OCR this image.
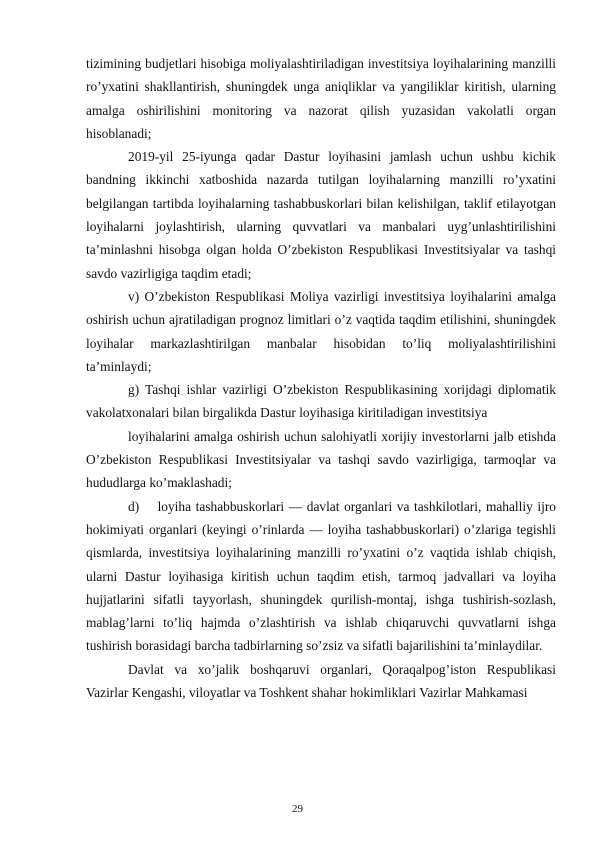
tizimining budjetlari hisobiga moliyalashtiriladigan investitsiya loyihalarining manzilli ro’yxatini shakllantirish, shuningdek unga aniqliklar va yangiliklar kiritish, ularning amalga oshirilishini monitoring va nazorat qilish yuzasidan vakolatli organ hisoblanadi;

2019-yil 25-iyunga qadar Dastur loyihasini jamlash uchun ushbu kichik bandning ikkinchi xatboshida nazarda tutilgan loyihalarning manzilli ro’yxatini belgilangan tartibda loyihalarning tashabbuskorlari bilan kelishilgan, taklif etilayotgan loyihalarni joylashtirish, ularning quvvatlari va manbalari uyg’unlashtirilishini ta’minlashni hisobga olgan holda O’zbekiston Respublikasi Investitsiyalar va tashqi savdo vazirligiga taqdim etadi;

v) O’zbekiston Respublikasi Moliya vazirligi investitsiya loyihalarini amalga oshirish uchun ajratiladigan prognoz limitlari o’z vaqtida taqdim etilishini, shuningdek loyihalar markazlashtirilgan manbalar hisobidan to’liq moliyalashtirilishini ta’minlaydi;

g) Tashqi ishlar vazirligi O’zbekiston Respublikasining xorijdagi diplomatik vakolatxonalari bilan birgalikda Dastur loyihasiga kiritiladigan investitsiya

loyihalarini amalga oshirish uchun salohiyatli xorijiy investorlarni jalb etishda O’zbekiston Respublikasi Investitsiyalar va tashqi savdo vazirligiga, tarmoqlar va hududlarga ko’maklashadi;

d)    loyiha tashabbuskorlari — davlat organlari va tashkilotlari, mahalliy ijro hokimiyati organlari (keyingi o’rinlarda — loyiha tashabbuskorlari) o’zlariga tegishli qismlarda, investitsiya loyihalarining manzilli ro’yxatini o’z vaqtida ishlab chiqish, ularni Dastur loyihasiga kiritish uchun taqdim etish, tarmoq jadvallari va loyiha hujjatlarini sifatli tayyorlash, shuningdek qurilish-montaj, ishga tushirish-sozlash, mablag’larni to’liq hajmda o’zlashtirish va ishlab chiqaruvchi quvvatlarni ishga tushirish borasidagi barcha tadbirlarning so’zsiz va sifatli bajarilishini ta’minlaydilar.

Davlat va xo’jalik boshqaruvi organlari, Qoraqalpog’iston Respublikasi Vazirlar Kengashi, viloyatlar va Toshkent shahar hokimliklari Vazirlar Mahkamasi

29
